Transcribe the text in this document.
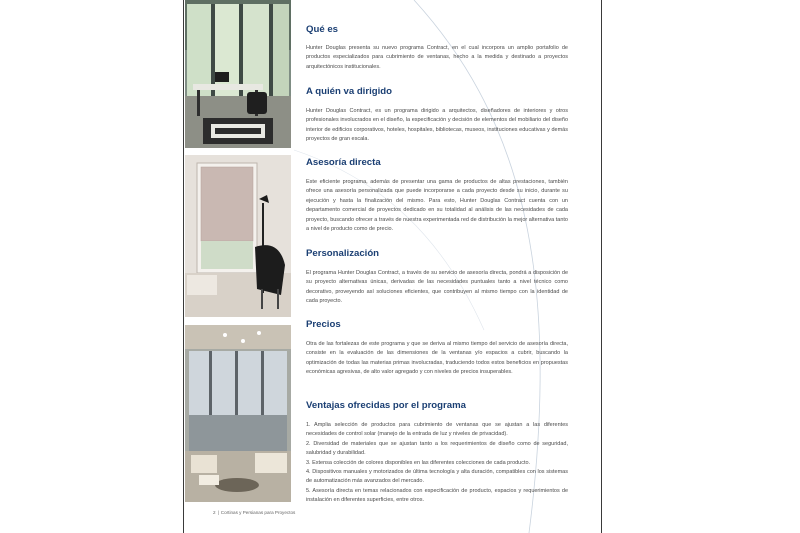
Qué es

Hunter Douglas presenta su nuevo programa Contract, en el cual incorpora un amplio portafolio de productos especializados para cubrimiento de ventanas, hecho a la medida y destinado a proyectos arquitectónicos institucionales.

A quién va dirigido

Hunter Douglas Contract, es un programa dirigido a arquitectos, diseñadores de interiores y otros profesionales involucrados en el diseño, la especificación y decisión de elementos del mobiliario del diseño interior de edificios corporativos, hoteles, hospitales, bibliotecas, museos, instituciones educativas y demás proyectos de gran escala.

Asesoría directa

Este eficiente programa, además de presentar una gama de productos de altas prestaciones, también ofrece una asesoría personalizada que puede incorporarse a cada proyecto desde su inicio, durante su ejecución y hasta la finalización del mismo. Para esto, Hunter Douglas Contract cuenta con un departamento comercial de proyectos dedicado en su totalidad al análisis de las necesidades de cada proyecto, buscando ofrecer a través de nuestra experimentada red de distribución la mejor alternativa tanto a nivel de producto como de precio.

Personalización

El programa Hunter Douglas Contract, a través de su servicio de asesoría directa, pondrá a disposición de su proyecto alternativas únicas, derivadas de las necesidades puntuales tanto a nivel técnico como decorativo, proveyendo así soluciones eficientes, que contribuyen al mismo tiempo con la identidad de cada proyecto.

Precios

Otra de las fortalezas de este programa y que se deriva al mismo tiempo del servicio de asesoría directa, consiste en la evaluación de las dimensiones de la ventanas y/o espacios a cubrir, buscando la optimización de todas las materias primas involucradas, traduciendo todos estos beneficios en propuestas económicas agresivas, de alto valor agregado y con niveles de precios insuperables.

Ventajas ofrecidas por el programa
1. Amplia selección de productos para cubrimiento de ventanas que se ajustan a las diferentes necesidades de control solar (manejo de la entrada de luz y niveles de privacidad).
2. Diversidad de materiales que se ajustan tanto a los requerimientos de diseño como de seguridad, salubridad y durabilidad.
3. Extensa colección de colores disponibles en las diferentes colecciones de cada producto.
4. Dispositivos manuales y motorizados de última tecnología y alta duración, compatibles con los sistemas de automatización más avanzados del mercado.
5. Asesoría directa en temas relacionados con especificación de producto, espacios y requerimientos de instalación en diferentes superficies, entre otros.
2 | Cortinas y Persianas para Proyectos
